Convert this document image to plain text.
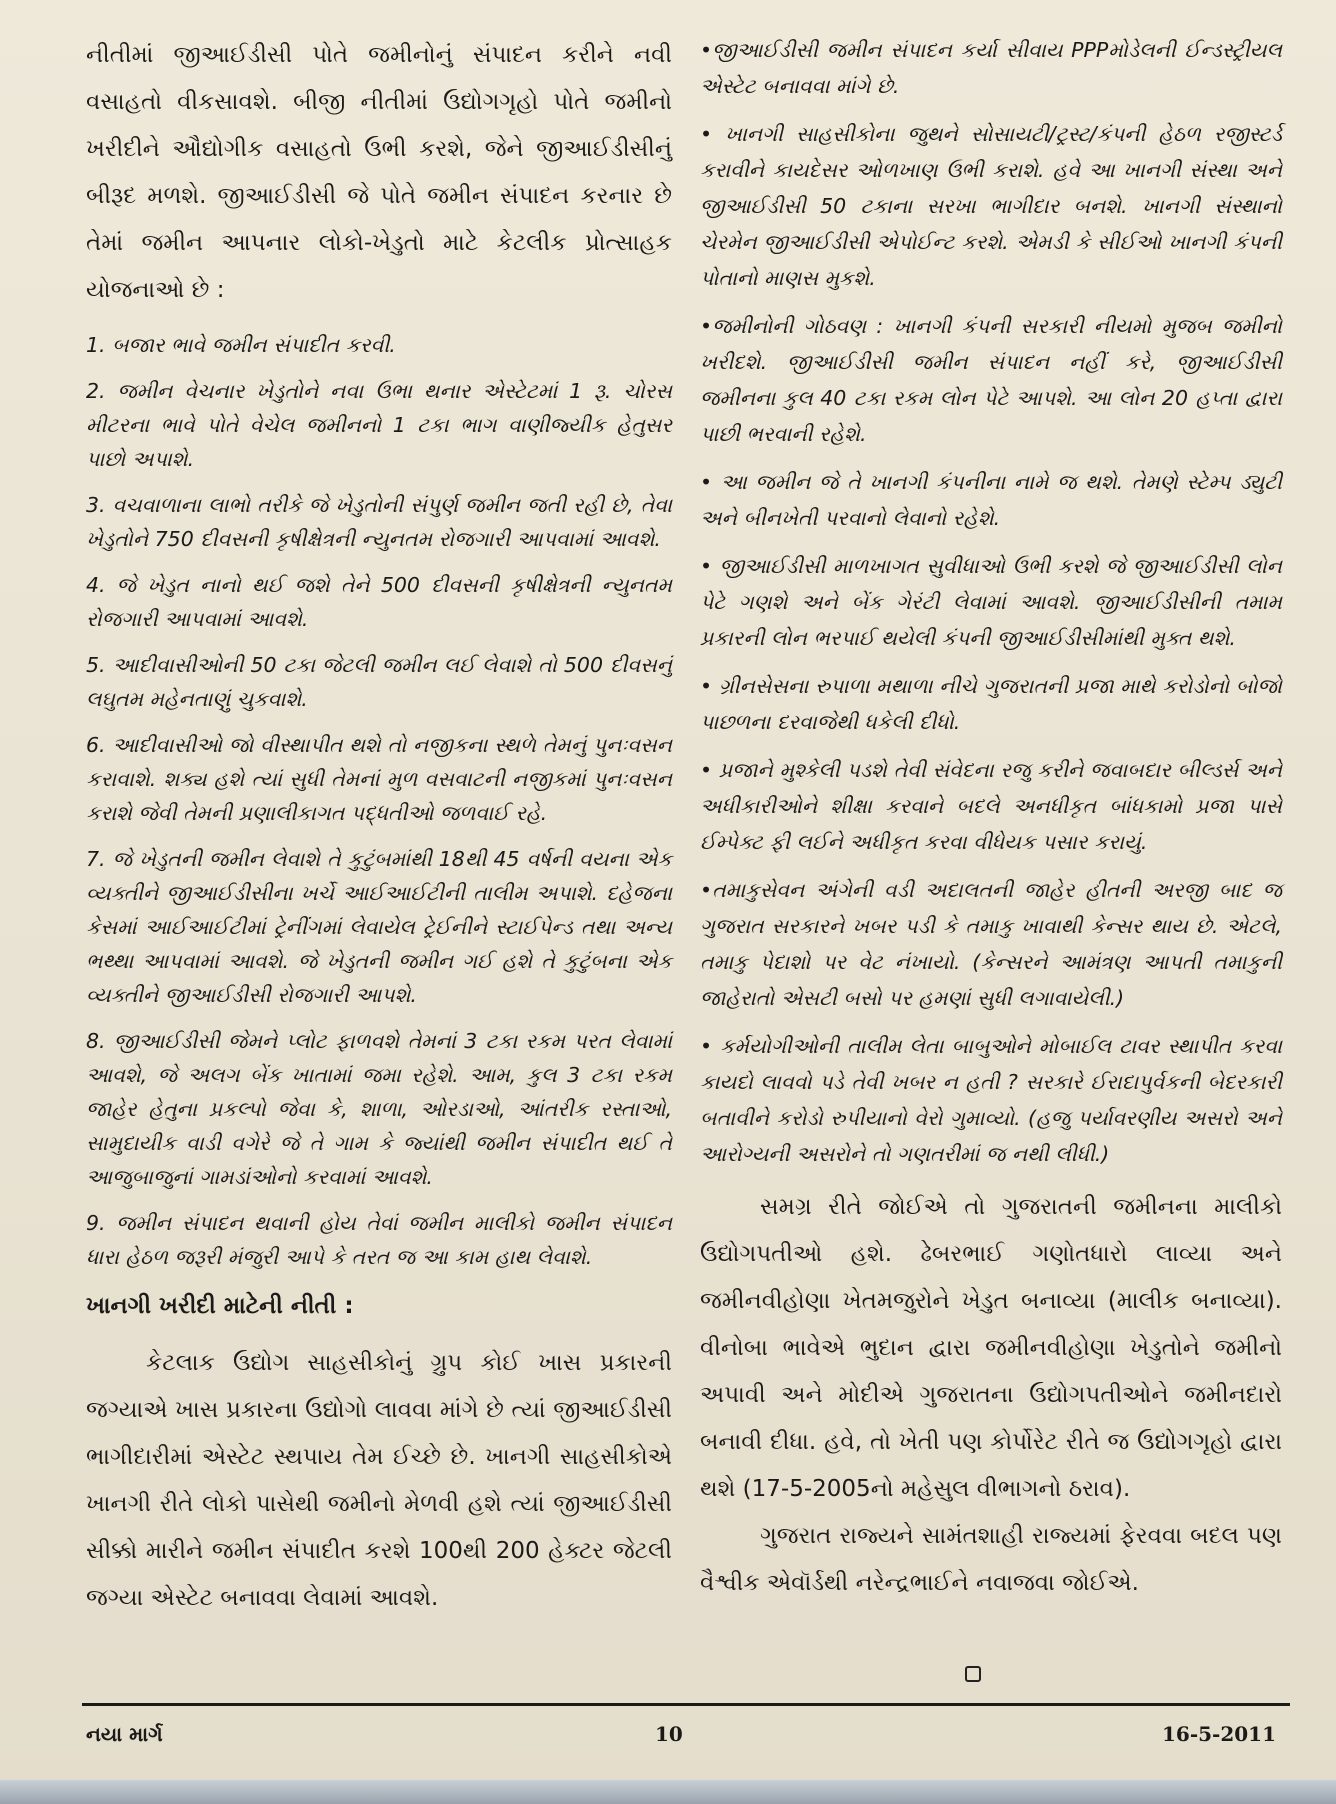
નીતીમાં જીઆઈડીસી પોતે જમીનોનું સંપાદન કરીને નવી વસાહતો વીકસાવશે. બીજી નીતીમાં ઉદ્યોગગૃહો પોતે જમીનો ખરીદીને ઔદ્યોગીક વસાહતો ઉભી કરશે, જેને જીઆઈડીસીનું બીરૂદ મળશે. જીઆઈડીસી જે પોતે જમીન સંપાદન કરનાર છે તેમાં જમીન આપનાર લોકો-ખેડુતો માટે કેટલીક પ્રોત્સાહક યોજનાઓ છે :

1. બજાર ભાવે જમીન સંપાદીત કરવી.

2. જમીન વેચનાર ખેડુતોને નવા ઉભા થનાર એસ્ટેટમાં 1 રૂ. ચોરસ મીટરના ભાવે પોતે વેચેલ જમીનનો 1 ટકા ભાગ વાણીજ્યીક હેતુસર પાછો અપાશે.

3. વચવાળાના લાભો તરીકે જે ખેડુતોની સંપુર્ણ જમીન જતી રહી છે, તેવા ખેડુતોને 750 દીવસની કૃષીક્ષેત્રની ન્યુનતમ રોજગારી આપવામાં આવશે.

4. જે ખેડુત નાનો થઈ જશે તેને 500 દીવસની કૃષીક્ષેત્રની ન્યુનતમ રોજગારી આપવામાં આવશે.

5. આદીવાસીઓની 50 ટકા જેટલી જમીન લઈ લેવાશે તો 500 દીવસનું લઘુતમ મહેનતાણું ચુકવાશે.

6. આદીવાસીઓ જો વીસ્થાપીત થશે તો નજીકના સ્થળે તેમનું પુનઃવસન કરાવાશે. શક્ય હશે ત્યાં સુધી તેમનાં મુળ વસવાટની નજીકમાં પુનઃવસન કરાશે જેવી તેમની પ્રણાલીકાગત પદ્ધતીઓ જળવાઈ રહે.

7. જે ખેડુતની જમીન લેવાશે તે કુટુંબમાંથી 18થી 45 વર્ષની વયના એક વ્યક્તીને જીઆઈડીસીના ખર્ચે આઈઆઈટીની તાલીમ અપાશે. દહેજના કેસમાં આઈઆઈટીમાં ટ્રેનીંગમાં લેવાયેલ ટ્રેઈનીને સ્ટાઈપેન્ડ તથા અન્ય ભથ્થા આપવામાં આવશે. જે ખેડુતની જમીન ગઈ હશે તે કુટુંબના એક વ્યક્તીને જીઆઈડીસી રોજગારી આપશે.

8. જીઆઈડીસી જેમને પ્લોટ ફાળવશે તેમનાં 3 ટકા રકમ પરત લેવામાં આવશે, જે અલગ બેંક ખાતામાં જમા રહેશે. આમ, કુલ 3 ટકા રકમ જાહેર હેતુના પ્રકલ્પો જેવા કે, શાળા, ઓરડાઓ, આંતરીક રસ્તાઓ, સામુદાયીક વાડી વગેરે જે તે ગામ કે જ્યાંથી જમીન સંપાદીત થઈ તે આજુબાજુનાં ગામડાંઓનો કરવામાં આવશે.

9. જમીન સંપાદન થવાની હોય તેવાં જમીન માલીકો જમીન સંપાદન ધારા હેઠળ જરૂરી મંજુરી આપે કે તરત જ આ કામ હાથ લેવાશે.

ખાનગી ખરીદી માટેની નીતી :

કેટલાક ઉદ્યોગ સાહસીકોનું ગ્રુપ કોઈ ખાસ પ્રકારની જગ્યાએ ખાસ પ્રકારના ઉદ્યોગો લાવવા માંગે છે ત્યાં જીઆઈડીસી ભાગીદારીમાં એસ્ટેટ સ્થપાય તેમ ઈચ્છે છે. ખાનગી સાહસીકોએ ખાનગી રીતે લોકો પાસેથી જમીનો મેળવી હશે ત્યાં જીઆઈડીસી સીક્કો મારીને જમીન સંપાદીત કરશે 100થી 200 હેક્ટર જેટલી જગ્યા એસ્ટેટ બનાવવા લેવામાં આવશે.

•જીઆઈડીસી જમીન સંપાદન કર્યા સીવાય PPPમોડેલની ઈન્ડસ્ટ્રીયલ એસ્ટેટ બનાવવા માંગે છે.

• ખાનગી સાહસીકોના જુથને સોસાયટી/ટ્રસ્ટ/કંપની હેઠળ રજીસ્ટર્ડ કરાવીને કાયદેસર ઓળખાણ ઉભી કરાશે. હવે આ ખાનગી સંસ્થા અને જીઆઈડીસી 50 ટકાના સરખા ભાગીદાર બનશે. ખાનગી સંસ્થાનો ચેરમેન જીઆઈડીસી એપોઈન્ટ કરશે. એમડી કે સીઈઓ ખાનગી કંપની પોતાનો માણસ મુકશે.

•જમીનોની ગોઠવણ : ખાનગી કંપની સરકારી નીયમો મુજબ જમીનો ખરીદશે. જીઆઈડીસી જમીન સંપાદન નહીં કરે, જીઆઈડીસી જમીનના કુલ 40 ટકા રકમ લોન પેટે આપશે. આ લોન 20 હપ્તા દ્વારા પાછી ભરવાની રહેશે.

• આ જમીન જે તે ખાનગી કંપનીના નામે જ થશે. તેમણે સ્ટેમ્પ ડ્યુટી અને બીનખેતી પરવાનો લેવાનો રહેશે.

• જીઆઈડીસી માળખાગત સુવીધાઓ ઉભી કરશે જે જીઆઈડીસી લોન પેટે ગણશે અને બેંક ગેરંટી લેવામાં આવશે. જીઆઈડીસીની તમામ પ્રકારની લોન ભરપાઈ થયેલી કંપની જીઆઈડીસીમાંથી મુક્ત થશે.

• ગ્રીનસેસના રુપાળા મથાળા નીચે ગુજરાતની પ્રજા માથે કરોડોનો બોજો પાછળના દરવાજેથી ધકેલી દીધો.

• પ્રજાને મુશ્કેલી પડશે તેવી સંવેદના રજુ કરીને જવાબદાર બીલ્ડર્સ અને અધીકારીઓને શીક્ષા કરવાને બદલે અનધીકૃત બાંધકામો પ્રજા પાસે ઈમ્પેક્ટ ફી લઈને અધીકૃત કરવા વીધેયક પસાર કરાયું.

•તમાકુસેવન અંગેની વડી અદાલતની જાહેર હીતની અરજી બાદ જ ગુજરાત સરકારને ખબર પડી કે તમાકુ ખાવાથી કેન્સર થાય છે. એટલે, તમાકુ પેદાશો પર વેટ નંખાયો. (કેન્સરને આમંત્રણ આપતી તમાકુની જાહેરાતો એસટી બસો પર હમણાં સુધી લગાવાયેલી.)

• કર્મયોગીઓની તાલીમ લેતા બાબુઓને મોબાઈલ ટાવર સ્થાપીત કરવા કાયદો લાવવો પડે તેવી ખબર ન હતી ? સરકારે ઈરાદાપુર્વકની બેદરકારી બતાવીને કરોડો રુપીયાનો વેરો ગુમાવ્યો. (હજુ પર્યાવરણીય અસરો અને આરોગ્યની અસરોને તો ગણતરીમાં જ નથી લીધી.)

સમગ્ર રીતે જોઈએ તો ગુજરાતની જમીનના માલીકો ઉદ્યોગપતીઓ હશે. ઢેબરભાઈ ગણોતધારો લાવ્યા અને જમીનવીહોણા ખેતમજુરોને ખેડુત બનાવ્યા (માલીક બનાવ્યા). વીનોબા ભાવેએ ભુદાન દ્વારા જમીનવીહોણા ખેડુતોને જમીનો અપાવી અને મોદીએ ગુજરાતના ઉદ્યોગપતીઓને જમીનદારો બનાવી દીધા. હવે, તો ખેતી પણ કોર્પોરેટ રીતે જ ઉદ્યોગગૃહો દ્વારા થશે (17-5-2005નો મહેસુલ વીભાગનો ઠરાવ).

ગુજરાત રાજ્યને સામંતશાહી રાજ્યમાં ફેરવવા બદલ પણ વૈશ્વીક એવૉર્ડથી નરેન્દ્રભાઈને નવાજવા જોઈએ.

નયા માર્ગ	10	16-5-2011
